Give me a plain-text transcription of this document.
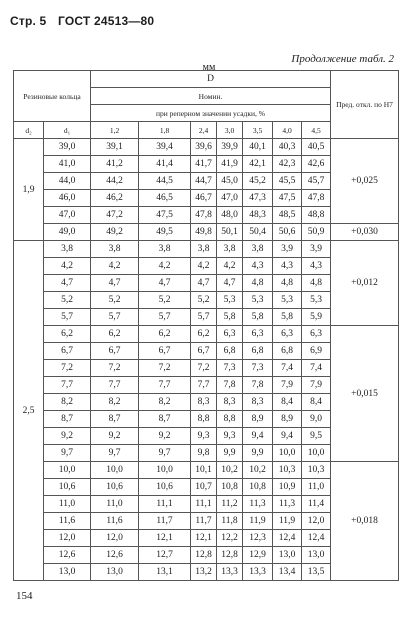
Стр. 5 ГОСТ 24513—80
мм
Продолжение табл. 2
Резиновые кольца		D							Пред. откл. по H7
		Номин.							
		при реперном значении усадки, %							
d₂	d₁	1,2	1,8	2,4	3,0	3,5	4,0	4,5	
1,9	39,0	39,1	39,4	39,6	39,9	40,1	40,3	40,5	+0,025
	41,0	41,2	41,4	41,7	41,9	42,1	42,3	42,6	
	44,0	44,2	44,5	44,7	45,0	45,2	45,5	45,7	
	46,0	46,2	46,5	46,7	47,0	47,3	47,5	47,8	
	47,0	47,2	47,5	47,8	48,0	48,3	48,5	48,8	
	49,0	49,2	49,5	49,8	50,1	50,4	50,6	50,9	+0,030
2,5	3,8	3,8	3,8	3,8	3,8	3,8	3,9	3,9	+0,012
	4,2	4,2	4,2	4,2	4,2	4,3	4,3	4,3	
	4,7	4,7	4,7	4,7	4,7	4,8	4,8	4,8	
	5,2	5,2	5,2	5,2	5,3	5,3	5,3	5,3	
	5,7	5,7	5,7	5,7	5,8	5,8	5,8	5,9	
	6,2	6,2	6,2	6,2	6,3	6,3	6,3	6,3	+0,015
	6,7	6,7	6,7	6,7	6,8	6,8	6,8	6,9	
	7,2	7,2	7,2	7,2	7,3	7,3	7,4	7,4	
	7,7	7,7	7,7	7,7	7,8	7,8	7,9	7,9	
	8,2	8,2	8,2	8,3	8,3	8,3	8,4	8,4	
	8,7	8,7	8,7	8,8	8,8	8,9	8,9	9,0	
	9,2	9,2	9,2	9,3	9,3	9,4	9,4	9,5	
	9,7	9,7	9,7	9,8	9,9	9,9	10,0	10,0	
	10,0	10,0	10,0	10,1	10,2	10,2	10,3	10,3	+0,018
	10,6	10,6	10,6	10,7	10,8	10,8	10,9	11,0	
	11,0	11,0	11,1	11,1	11,2	11,3	11,3	11,4	
	11,6	11,6	11,7	11,7	11,8	11,9	11,9	12,0	
	12,0	12,0	12,1	12,1	12,2	12,3	12,4	12,4	
	12,6	12,6	12,7	12,8	12,8	12,9	13,0	13,0	
	13,0	13,0	13,1	13,2	13,3	13,3	13,4	13,5	
154
